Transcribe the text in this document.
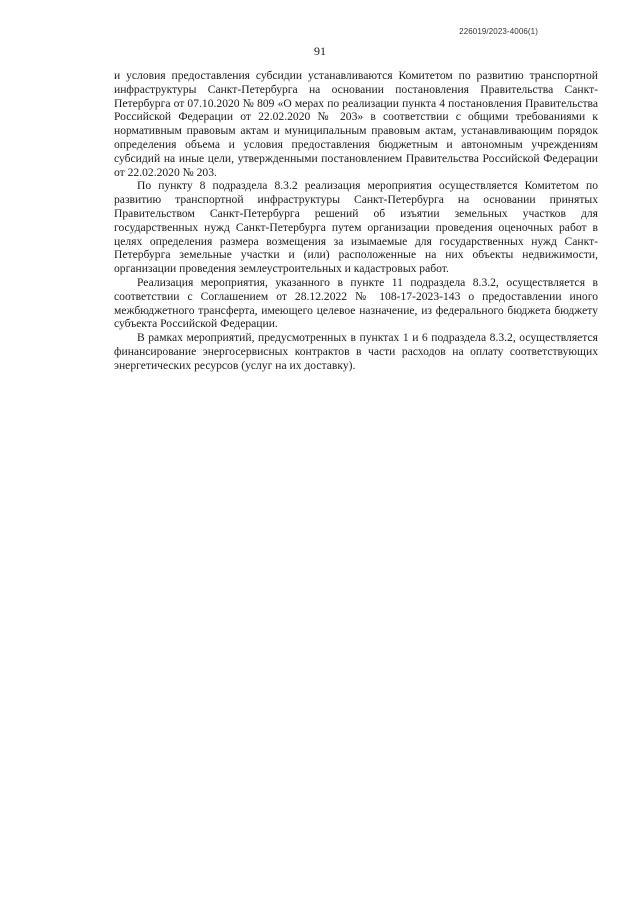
226019/2023-4006(1)
91

и условия предоставления субсидии устанавливаются Комитетом по развитию транспортной инфраструктуры Санкт-Петербурга на основании постановления Правительства Санкт-Петербурга от 07.10.2020 № 809 «О мерах по реализации пункта 4 постановления Правительства Российской Федерации от 22.02.2020 № 203» в соответствии с общими требованиями к нормативным правовым актам и муниципальным правовым актам, устанавливающим порядок определения объема и условия предоставления бюджетным и автономным учреждениям субсидий на иные цели, утвержденными постановлением Правительства Российской Федерации от 22.02.2020 № 203.

По пункту 8 подраздела 8.3.2 реализация мероприятия осуществляется Комитетом по развитию транспортной инфраструктуры Санкт-Петербурга на основании принятых Правительством Санкт-Петербурга решений об изъятии земельных участков для государственных нужд Санкт-Петербурга путем организации проведения оценочных работ в целях определения размера возмещения за изымаемые для государственных нужд Санкт-Петербурга земельные участки и (или) расположенные на них объекты недвижимости, организации проведения землеустроительных и кадастровых работ.

Реализация мероприятия, указанного в пункте 11 подраздела 8.3.2, осуществляется в соответствии с Соглашением от 28.12.2022 № 108-17-2023-143 о предоставлении иного межбюджетного трансферта, имеющего целевое назначение, из федерального бюджета бюджету субъекта Российской Федерации.

В рамках мероприятий, предусмотренных в пунктах 1 и 6 подраздела 8.3.2, осуществляется финансирование энергосервисных контрактов в части расходов на оплату соответствующих энергетических ресурсов (услуг на их доставку).
